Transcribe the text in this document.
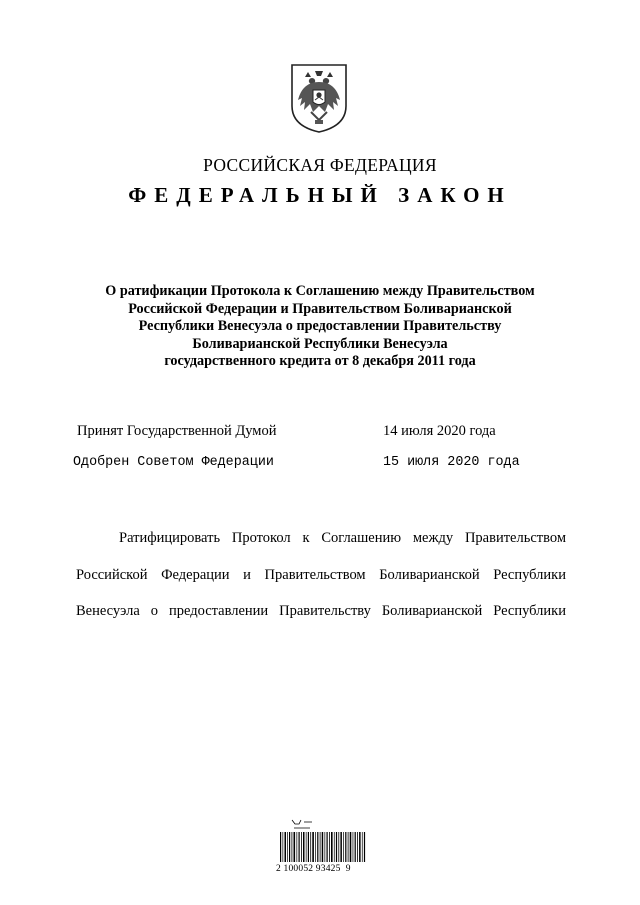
РОССИЙСКАЯ ФЕДЕРАЦИЯ
ФЕДЕРАЛЬНЫЙ ЗАКОН
О ратификации Протокола к Соглашению между Правительством
Российской Федерации и Правительством Боливарианской
Республики Венесуэла о предоставлении Правительству
Боливарианской Республики Венесуэла
государственного кредита от 8 декабря 2011 года
Принят Государственной Думой	14 июля 2020 года
Одобрен Советом Федерации	15 июля 2020 года
Ратифицировать Протокол к Соглашению между Правительством
Российской Федерации и Правительством Боливарианской Республики
Венесуэла о предоставлении Правительству Боливарианской Республики
2 100052 93425  9
